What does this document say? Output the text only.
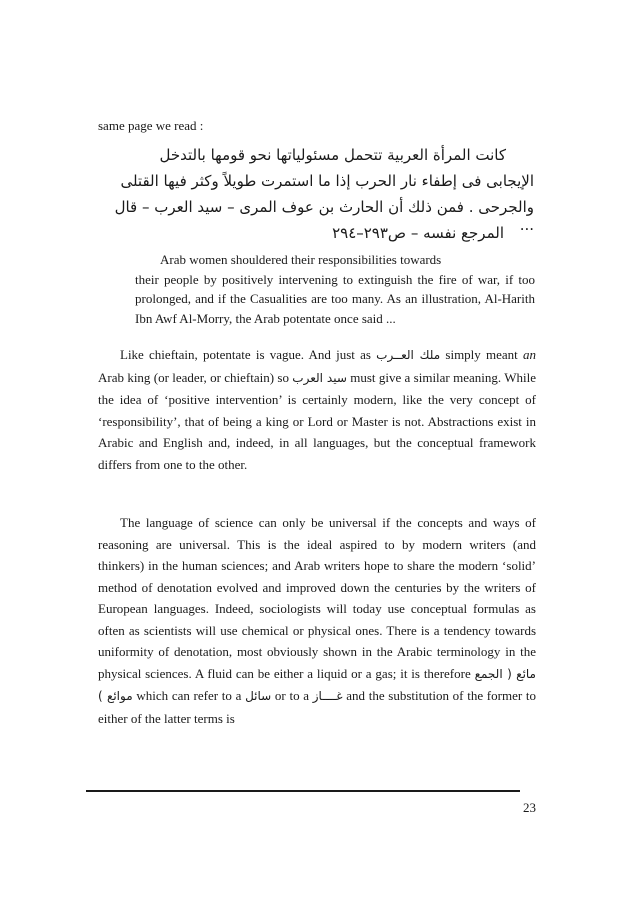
same page we read :
كانت المرأة العربية تتحمل مسئولياتها نحو قومها بالتدخل
الإيجابى فى إطفاء نار الحرب إذا ما استمرت طويلاً وكثر فيها القتلى
والجرحى . فمن ذلك أن الحارث بن عوف المرى – سيد العرب – قال ...
المرجع نفسه – ص٢٩٣–٢٩٤
Arab women shouldered their responsibilities towards
their people by positively intervening to extinguish the fire of war, if too prolonged, and if the Casualities are too many. As an illustration, Al-Harith Ibn Awf Al-Morry, the Arab potentate once said ...

Like chieftain, potentate is vague. And just as ملك العــرب simply meant an Arab king (or leader, or chieftain) so سيد العرب must give a similar meaning. While the idea of ‘positive intervention’ is certainly modern, like the very concept of ‘responsibility’, that of being a king or Lord or Master is not. Abstractions exist in Arabic and English and, indeed, in all languages, but the conceptual framework differs from one to the other.

The language of science can only be universal if the concepts and ways of reasoning are universal. This is the ideal aspired to by modern writers (and thinkers) in the human sciences; and Arab writers hope to share the modern ‘solid’ method of denotation evolved and improved down the centuries by the writers of European languages. Indeed, sociologists will today use conceptual formulas as often as scientists will use chemical or physical ones. There is a tendency towards uniformity of denotation, most obviously shown in the Arabic terminology in the physical sciences. A fluid can be either a liquid or a gas; it is therefore مائع ( الجمع موائع ) which can refer to a سائل or to a غــــاز and the substitution of the former to either of the latter terms is

23
